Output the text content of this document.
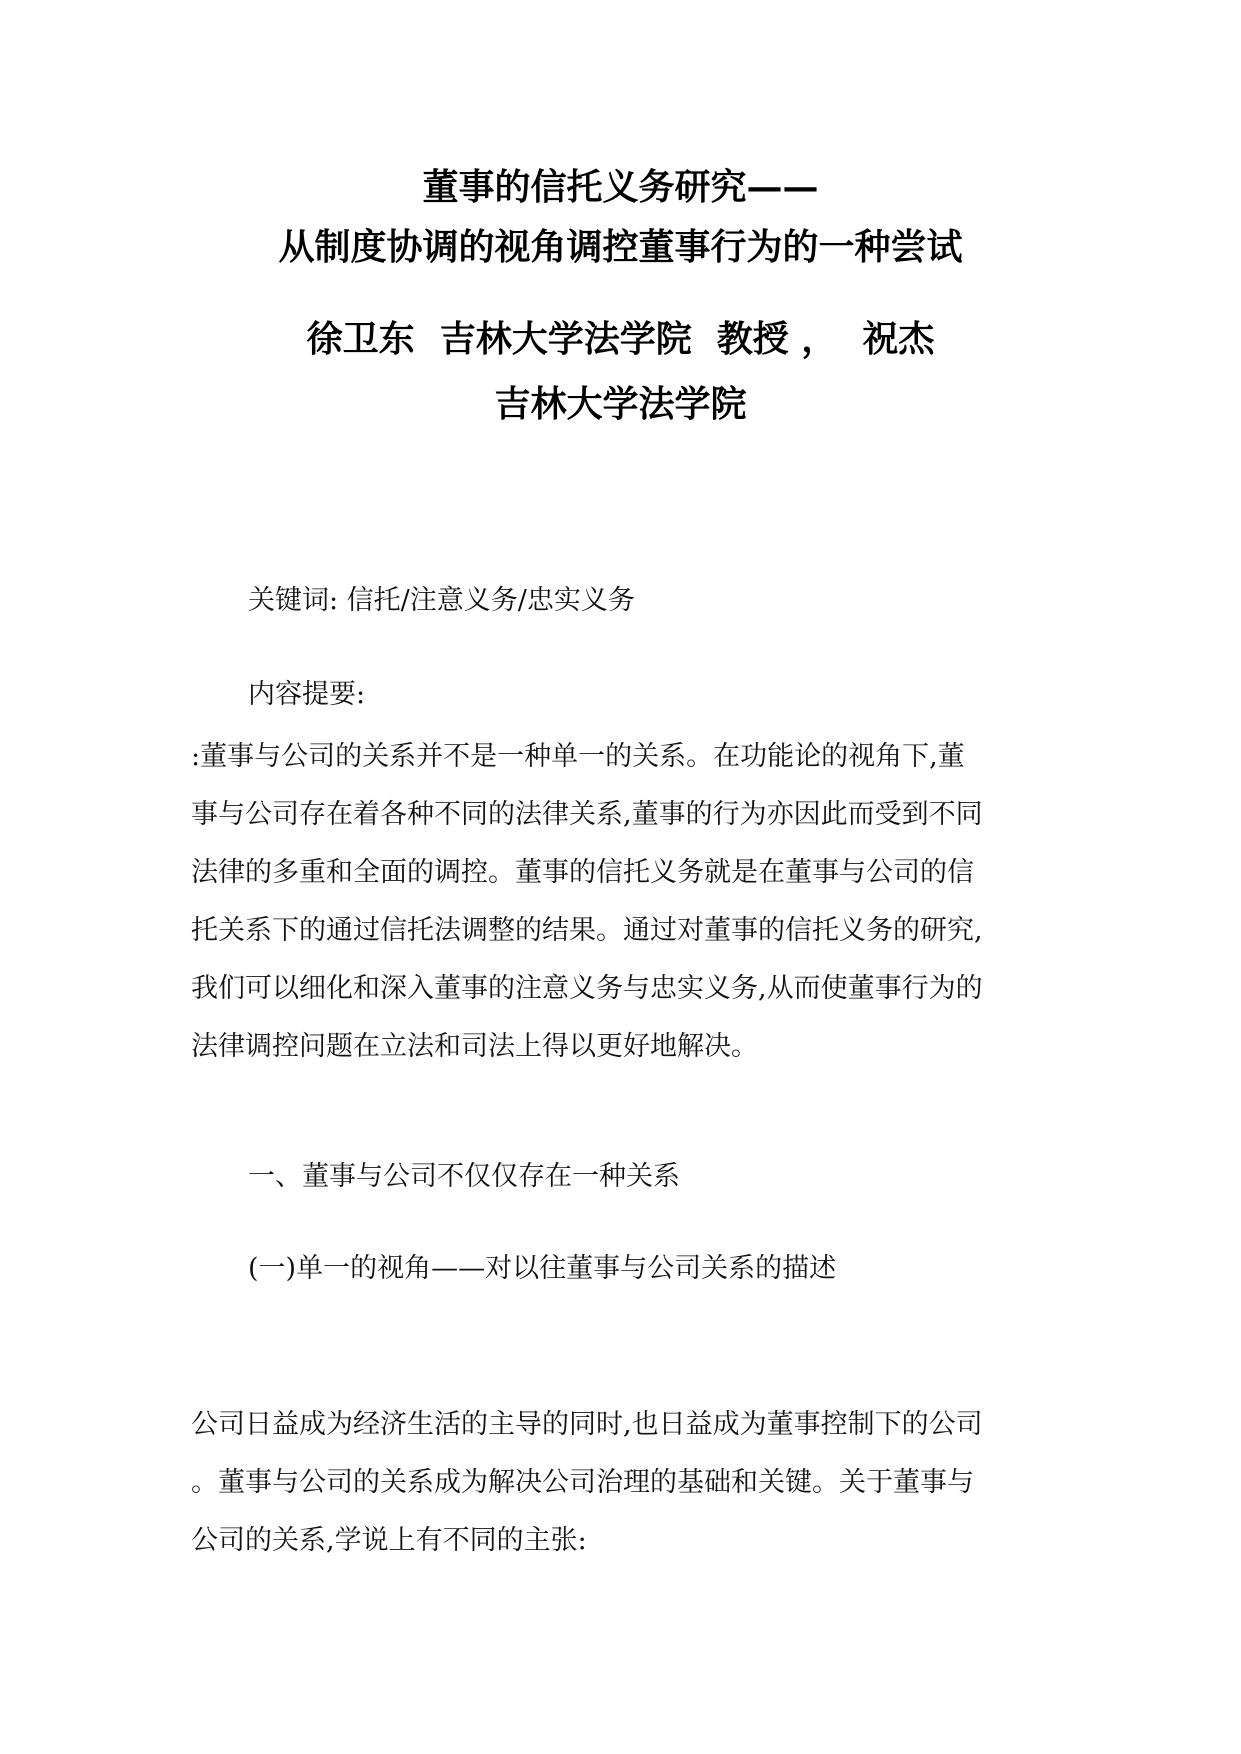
董事的信托义务研究——
从制度协调的视角调控董事行为的一种尝试
徐卫东  吉林大学法学院  教授 ，  祝杰
吉林大学法学院
关键词: 信托/注意义务/忠实义务
内容提要:
:董事与公司的关系并不是一种单一的关系。在功能论的视角下,董
事与公司存在着各种不同的法律关系,董事的行为亦因此而受到不同
法律的多重和全面的调控。董事的信托义务就是在董事与公司的信
托关系下的通过信托法调整的结果。通过对董事的信托义务的研究,
我们可以细化和深入董事的注意义务与忠实义务,从而使董事行为的
法律调控问题在立法和司法上得以更好地解决。
一、董事与公司不仅仅存在一种关系
(一)单一的视角——对以往董事与公司关系的描述
公司日益成为经济生活的主导的同时,也日益成为董事控制下的公司
。董事与公司的关系成为解决公司治理的基础和关键。关于董事与
公司的关系,学说上有不同的主张:
